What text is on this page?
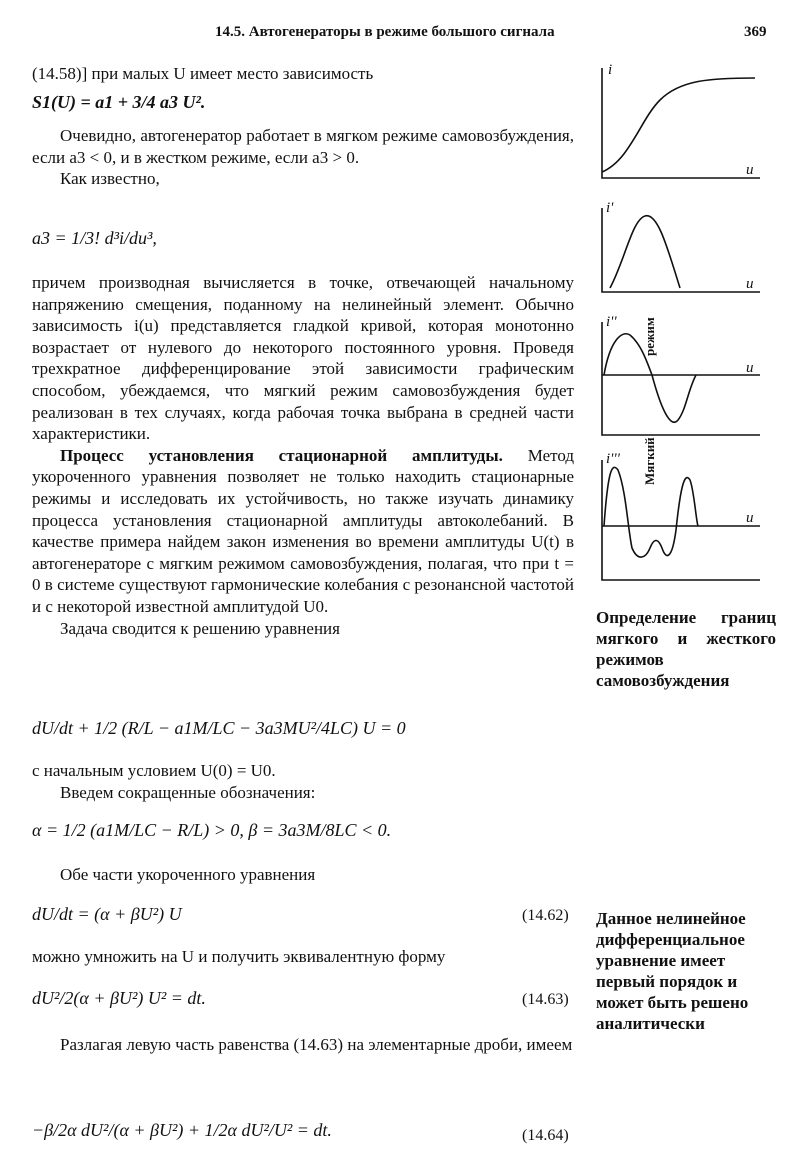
14.5. Автогенераторы в режиме большого сигнала	369
(14.58)] при малых U имеет место зависимость
S1(U) = a1 + 3/4 a3 U².

Очевидно, автогенератор работает в мягком режиме самовозбуждения, если a3 < 0, и в жестком режиме, если a3 > 0.

Как известно,

a3 = 1/3! d³i/du³,

причем производная вычисляется в точке, отвечающей начальному напряжению смещения, поданному на нелинейный элемент. Обычно зависимость i(u) представляется гладкой кривой, которая монотонно возрастает от нулевого до некоторого постоянного уровня. Проведя трехкратное дифференцирование этой зависимости графическим способом, убеждаемся, что мягкий режим самовозбуждения будет реализован в тех случаях, когда рабочая точка выбрана в средней части характеристики.

Процесс установления стационарной амплитуды. Метод укороченного уравнения позволяет не только находить стационарные режимы и исследовать их устойчивость, но также изучать динамику процесса установления стационарной амплитуды автоколебаний. В качестве примера найдем закон изменения во времени амплитуды U(t) в автогенераторе с мягким режимом самовозбуждения, полагая, что при t = 0 в системе существуют гармонические колебания с резонансной частотой и с некоторой известной амплитудой U0.

Задача сводится к решению уравнения

dU/dt + 1/2 (R/L − a1M/LC − 3a3MU²/4LC) U = 0

с начальным условием U(0) = U0.

Введем сокращенные обозначения:

α = 1/2 (a1M/LC − R/L) > 0, β = 3a3M/8LC < 0.
Обе части укороченного уравнения
dU/dt = (α + βU²) U	(14.62)
можно умножить на U и получить эквивалентную форму
dU²/2(α + βU²) U² = dt.	(14.63)
Разлагая левую часть равенства (14.63) на элементарные дроби, имеем
−β/2α dU²/(α + βU²) + 1/2α dU²/U² = dt.	(14.64)
i
u
i'
u
i''
u
i'''
u
режим
Мягкий
Определение границ мягкого и жесткого режимов самовозбуждения
Данное нелинейное дифференциальное уравнение имеет первый порядок и может быть решено аналитически
